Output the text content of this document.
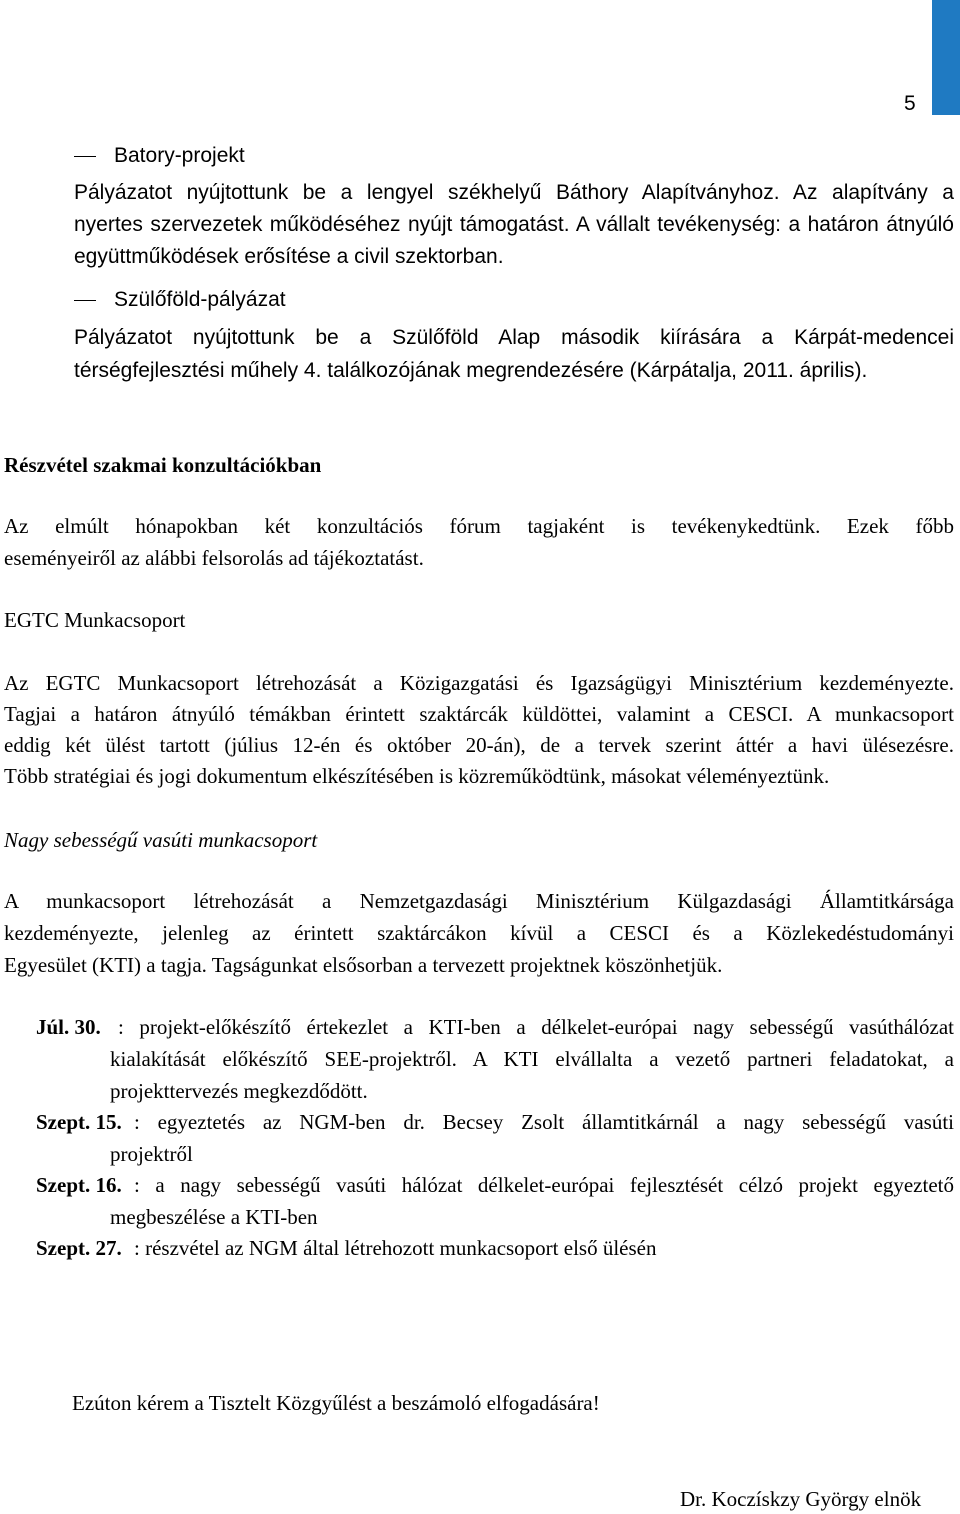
5
Batory-projekt
Pályázatot nyújtottunk be a lengyel székhelyű Báthory Alapítványhoz. Az alapítvány a
nyertes szervezetek működéséhez nyújt támogatást. A vállalt tevékenység: a határon átnyúló
együttműködések erősítése a civil szektorban.
Szülőföld-pályázat
Pályázatot nyújtottunk be a Szülőföld Alap második kiírására a Kárpát-medencei
térségfejlesztési műhely 4. találkozójának megrendezésére (Kárpátalja, 2011. április).
Részvétel szakmai konzultációkban
Az elmúlt hónapokban két konzultációs fórum tagjaként is tevékenykedtünk. Ezek főbb
eseményeiről az alábbi felsorolás ad tájékoztatást.
EGTC Munkacsoport
Az EGTC Munkacsoport létrehozását a Közigazgatási és Igazságügyi Minisztérium kezdeményezte.
Tagjai a határon átnyúló témákban érintett szaktárcák küldöttei, valamint a CESCI. A munkacsoport
eddig két ülést tartott (július 12-én és október 20-án), de a tervek szerint áttér a havi ülésezésre.
Több stratégiai és jogi dokumentum elkészítésében is közreműködtünk, másokat véleményeztünk.
Nagy sebességű vasúti munkacsoport
A munkacsoport létrehozását a Nemzetgazdasági Minisztérium Külgazdasági Államtitkársága
kezdeményezte, jelenleg az érintett szaktárcákon kívül a CESCI és a Közlekedéstudományi
Egyesület (KTI) a tagja. Tagságunkat elsősorban a tervezett projektnek köszönhetjük.
Júl. 30. : projekt-előkészítő értekezlet a KTI-ben a délkelet-európai nagy sebességű vasúthálózat
kialakítását előkészítő SEE-projektről. A KTI elvállalta a vezető partneri feladatokat, a
projekttervezés megkezdődött.
Szept. 15. : egyeztetés az NGM-ben dr. Becsey Zsolt államtitkárnál a nagy sebességű vasúti
projektről
Szept. 16. : a nagy sebességű vasúti hálózat délkelet-európai fejlesztését célzó projekt egyeztető
megbeszélése a KTI-ben
Szept. 27. : részvétel az NGM által létrehozott munkacsoport első ülésén
Ezúton kérem a Tisztelt Közgyűlést a beszámoló elfogadására!
Dr. Koczískzy György elnök
